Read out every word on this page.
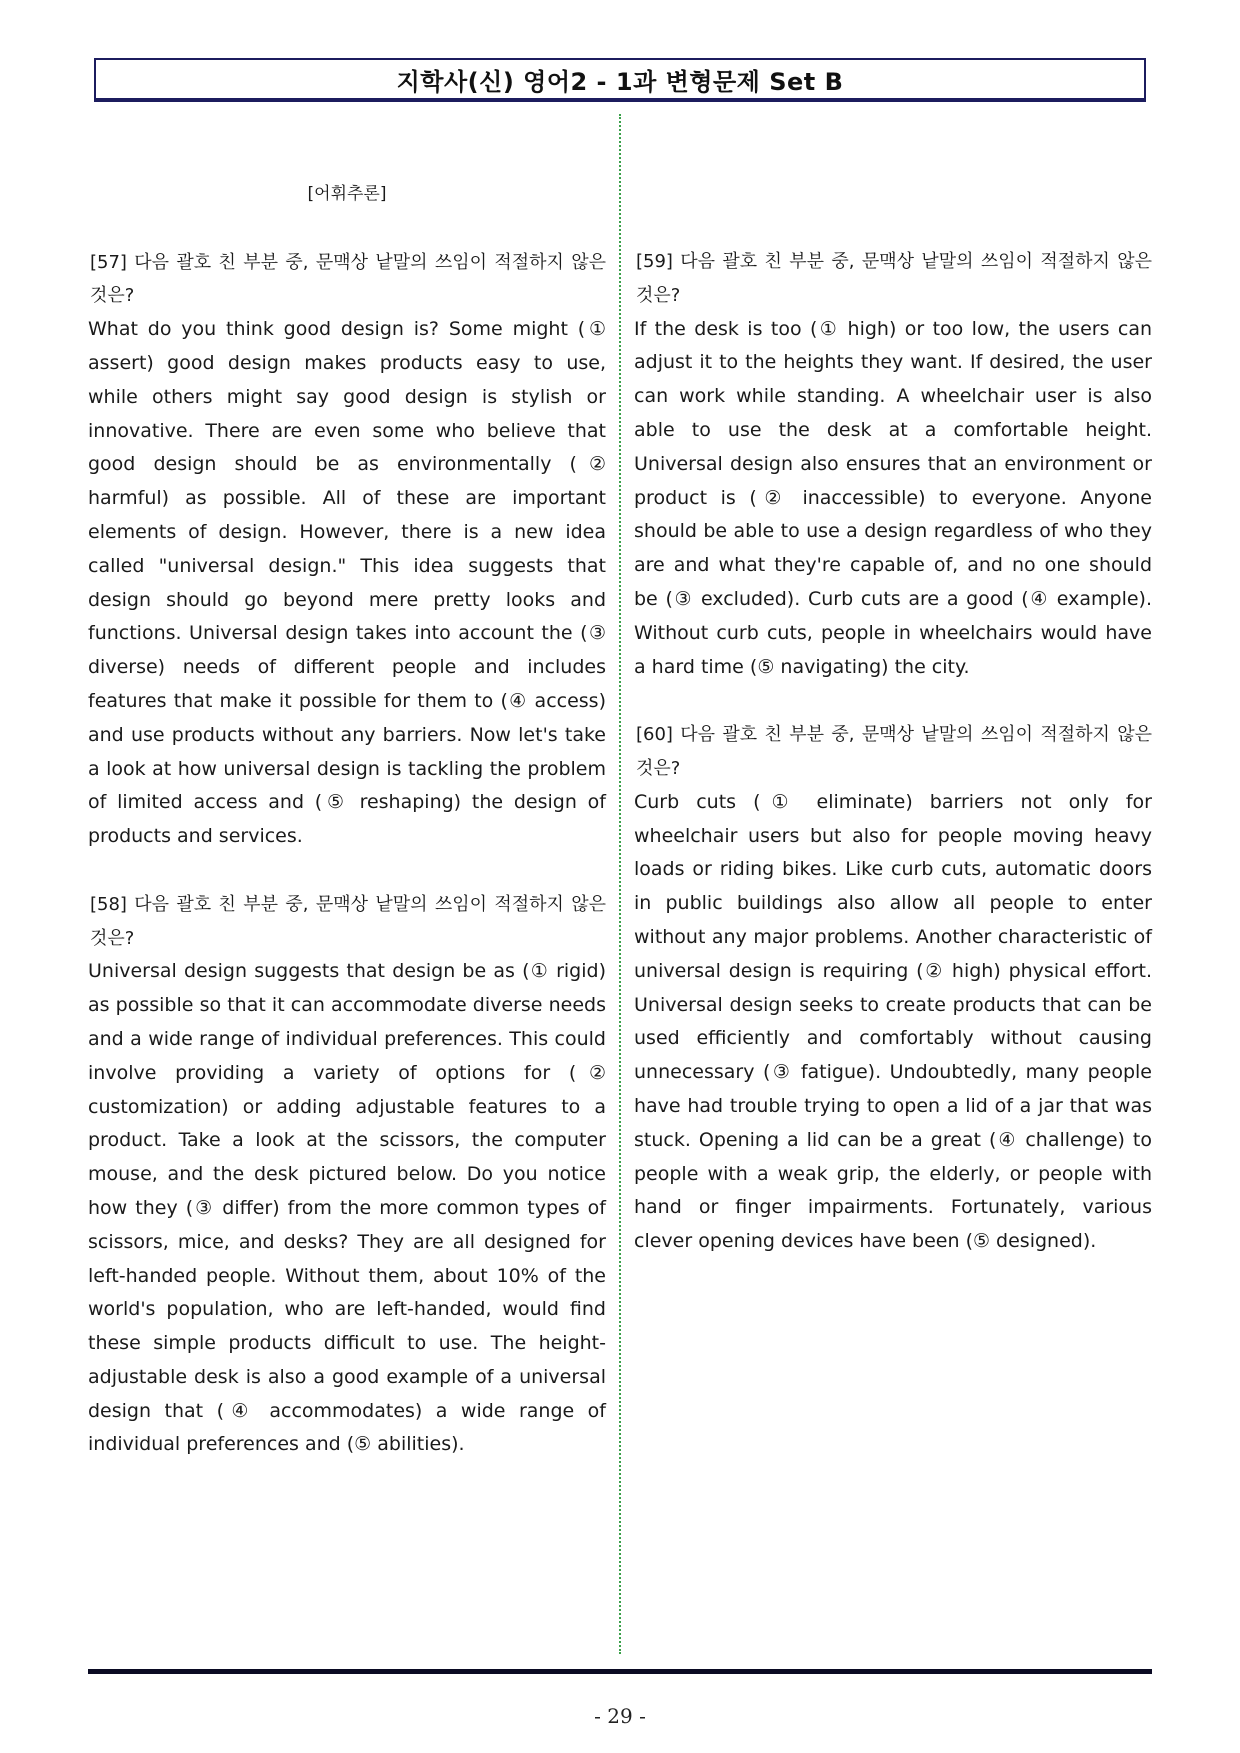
지학사(신) 영어2 - 1과 변형문제 Set B
[어휘추론]
[57] 다음 괄호 친 부분 중, 문맥상 낱말의 쓰임이 적절하지 않은 것은?
What do you think good design is? Some might (① assert) good design makes products easy to use, while others might say good design is stylish or innovative. There are even some who believe that good design should be as environmentally (② harmful) as possible. All of these are important elements of design. However, there is a new idea called "universal design." This idea suggests that design should go beyond mere pretty looks and functions. Universal design takes into account the (③ diverse) needs of different people and includes features that make it possible for them to (④ access) and use products without any barriers. Now let's take a look at how universal design is tackling the problem of limited access and (⑤ reshaping) the design of products and services.
[58] 다음 괄호 친 부분 중, 문맥상 낱말의 쓰임이 적절하지 않은 것은?
Universal design suggests that design be as (① rigid) as possible so that it can accommodate diverse needs and a wide range of individual preferences. This could involve providing a variety of options for (② customization) or adding adjustable features to a product. Take a look at the scissors, the computer mouse, and the desk pictured below. Do you notice how they (③ differ) from the more common types of scissors, mice, and desks? They are all designed for left-handed people. Without them, about 10% of the world's population, who are left-handed, would find these simple products difficult to use. The height-adjustable desk is also a good example of a universal design that (④ accommodates) a wide range of individual preferences and (⑤ abilities).
[59] 다음 괄호 친 부분 중, 문맥상 낱말의 쓰임이 적절하지 않은 것은?
If the desk is too (① high) or too low, the users can adjust it to the heights they want. If desired, the user can work while standing. A wheelchair user is also able to use the desk at a comfortable height. Universal design also ensures that an environment or product is (② inaccessible) to everyone. Anyone should be able to use a design regardless of who they are and what they're capable of, and no one should be (③ excluded). Curb cuts are a good (④ example). Without curb cuts, people in wheelchairs would have a hard time (⑤ navigating) the city.
[60] 다음 괄호 친 부분 중, 문맥상 낱말의 쓰임이 적절하지 않은 것은?
Curb cuts (① eliminate) barriers not only for wheelchair users but also for people moving heavy loads or riding bikes. Like curb cuts, automatic doors in public buildings also allow all people to enter without any major problems. Another characteristic of universal design is requiring (② high) physical effort. Universal design seeks to create products that can be used efficiently and comfortably without causing unnecessary (③ fatigue). Undoubtedly, many people have had trouble trying to open a lid of a jar that was stuck. Opening a lid can be a great (④ challenge) to people with a weak grip, the elderly, or people with hand or finger impairments. Fortunately, various clever opening devices have been (⑤ designed).
- 29 -
